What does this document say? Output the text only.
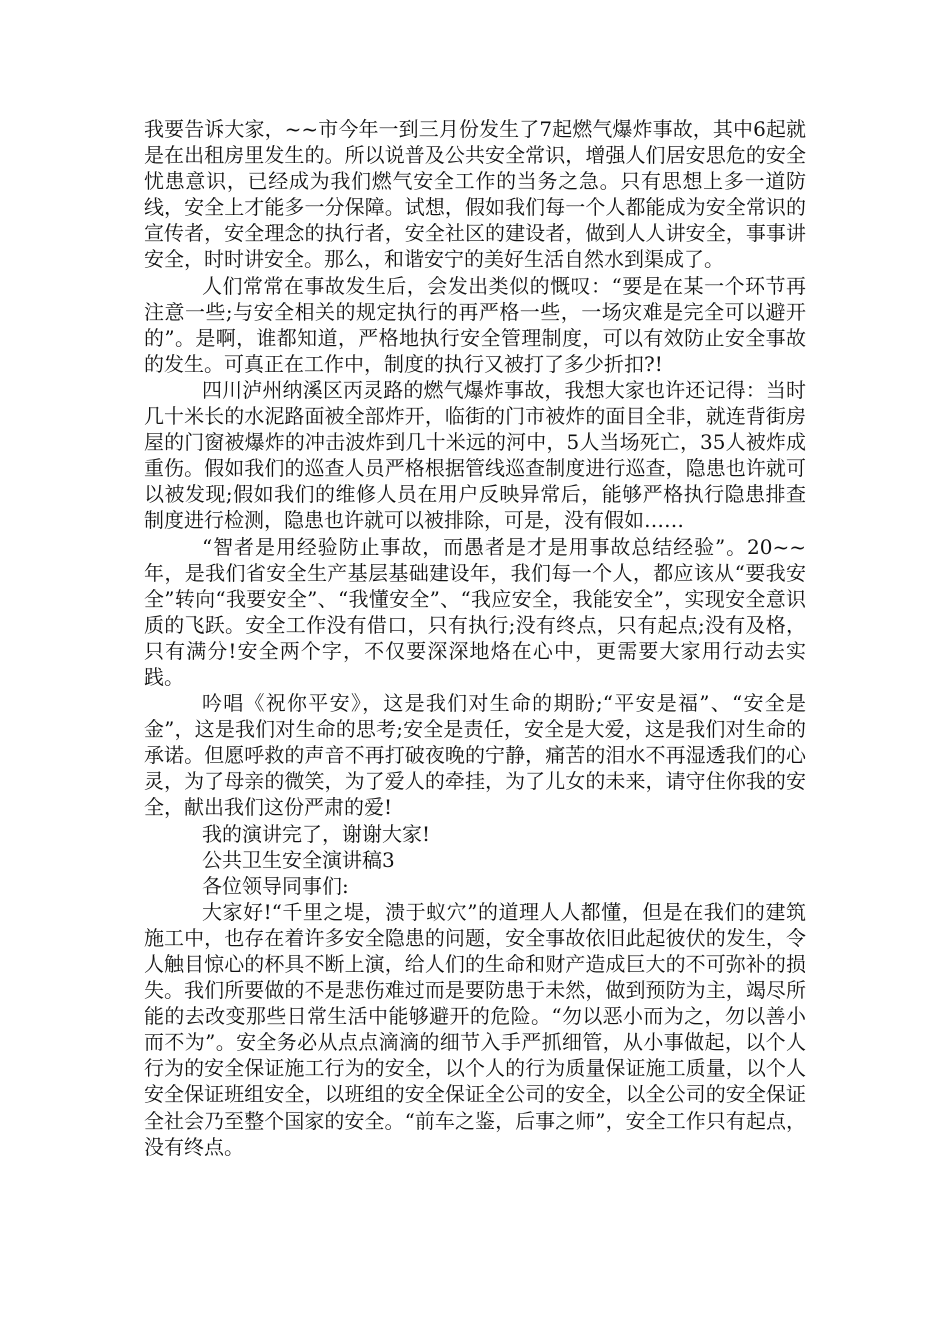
我要告诉大家，~~市今年一到三月份发生了7起燃气爆炸事故，其中6起就是在出租房里发生的。所以说普及公共安全常识，增强人们居安思危的安全忧患意识，已经成为我们燃气安全工作的当务之急。只有思想上多一道防线，安全上才能多一分保障。试想，假如我们每一个人都能成为安全常识的宣传者，安全理念的执行者，安全社区的建设者，做到人人讲安全，事事讲安全，时时讲安全。那么，和谐安宁的美好生活自然水到渠成了。

人们常常在事故发生后，会发出类似的慨叹：“要是在某一个环节再注意一些;与安全相关的规定执行的再严格一些，一场灾难是完全可以避开的”。是啊，谁都知道，严格地执行安全管理制度，可以有效防止安全事故的发生。可真正在工作中，制度的执行又被打了多少折扣?!

四川泸州纳溪区丙灵路的燃气爆炸事故，我想大家也许还记得：当时几十米长的水泥路面被全部炸开，临街的门市被炸的面目全非，就连背街房屋的门窗被爆炸的冲击波炸到几十米远的河中，5人当场死亡，35人被炸成重伤。假如我们的巡查人员严格根据管线巡查制度进行巡查，隐患也许就可以被发现;假如我们的维修人员在用户反映异常后，能够严格执行隐患排查制度进行检测，隐患也许就可以被排除，可是，没有假如……

“智者是用经验防止事故，而愚者是才是用事故总结经验”。20~~年，是我们省安全生产基层基础建设年，我们每一个人，都应该从“要我安全”转向“我要安全”、“我懂安全”、“我应安全，我能安全”，实现安全意识质的飞跃。安全工作没有借口，只有执行;没有终点，只有起点;没有及格，只有满分!安全两个字，不仅要深深地烙在心中，更需要大家用行动去实践。

吟唱《祝你平安》，这是我们对生命的期盼;“平安是福”、“安全是金”，这是我们对生命的思考;安全是责任，安全是大爱，这是我们对生命的承诺。但愿呼救的声音不再打破夜晚的宁静，痛苦的泪水不再湿透我们的心灵，为了母亲的微笑，为了爱人的牵挂，为了儿女的未来，请守住你我的安全，献出我们这份严肃的爱!

我的演讲完了，谢谢大家!

公共卫生安全演讲稿3

各位领导同事们:

大家好!“千里之堤，溃于蚁穴”的道理人人都懂，但是在我们的建筑施工中，也存在着许多安全隐患的问题，安全事故依旧此起彼伏的发生，令人触目惊心的杯具不断上演，给人们的生命和财产造成巨大的不可弥补的损失。我们所要做的不是悲伤难过而是要防患于未然，做到预防为主，竭尽所能的去改变那些日常生活中能够避开的危险。“勿以恶小而为之，勿以善小而不为”。安全务必从点点滴滴的细节入手严抓细管，从小事做起，以个人行为的安全保证施工行为的安全，以个人的行为质量保证施工质量，以个人安全保证班组安全，以班组的安全保证全公司的安全，以全公司的安全保证全社会乃至整个国家的安全。“前车之鉴，后事之师”，安全工作只有起点，没有终点。
